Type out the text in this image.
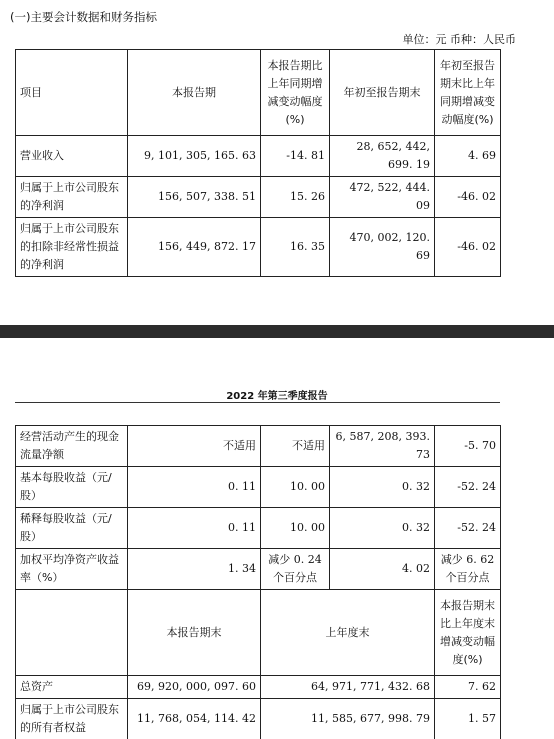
(一)主要会计数据和财务指标
单位：元 币种：人民币
项目	本报告期	本报告期比上年同期增减变动幅度(%)	年初至报告期末	年初至报告期末比上年同期增减变动幅度(%)
营业收入	9, 101, 305, 165. 63	-14. 81	28, 652, 442, 699. 19	4. 69
归属于上市公司股东的净利润	156, 507, 338. 51	15. 26	472, 522, 444. 09	-46. 02
归属于上市公司股东的扣除非经常性损益的净利润	156, 449, 872. 17	16. 35	470, 002, 120. 69	-46. 02
2022 年第三季度报告
经营活动产生的现金流量净额	不适用	不适用	6, 587, 208, 393. 73	-5. 70
基本每股收益（元/股）	0. 11	10. 00	0. 32	-52. 24
稀释每股收益（元/股）	0. 11	10. 00	0. 32	-52. 24
加权平均净资产收益率（%）	1. 34	减少 0. 24 个百分点	4. 02	减少 6. 62 个百分点
	本报告期末	上年度末		本报告期末比上年度末增减变动幅度(%)
总资产	69, 920, 000, 097. 60	64, 971, 771, 432. 68		7. 62
归属于上市公司股东的所有者权益	11, 768, 054, 114. 42	11, 585, 677, 998. 79		1. 57
